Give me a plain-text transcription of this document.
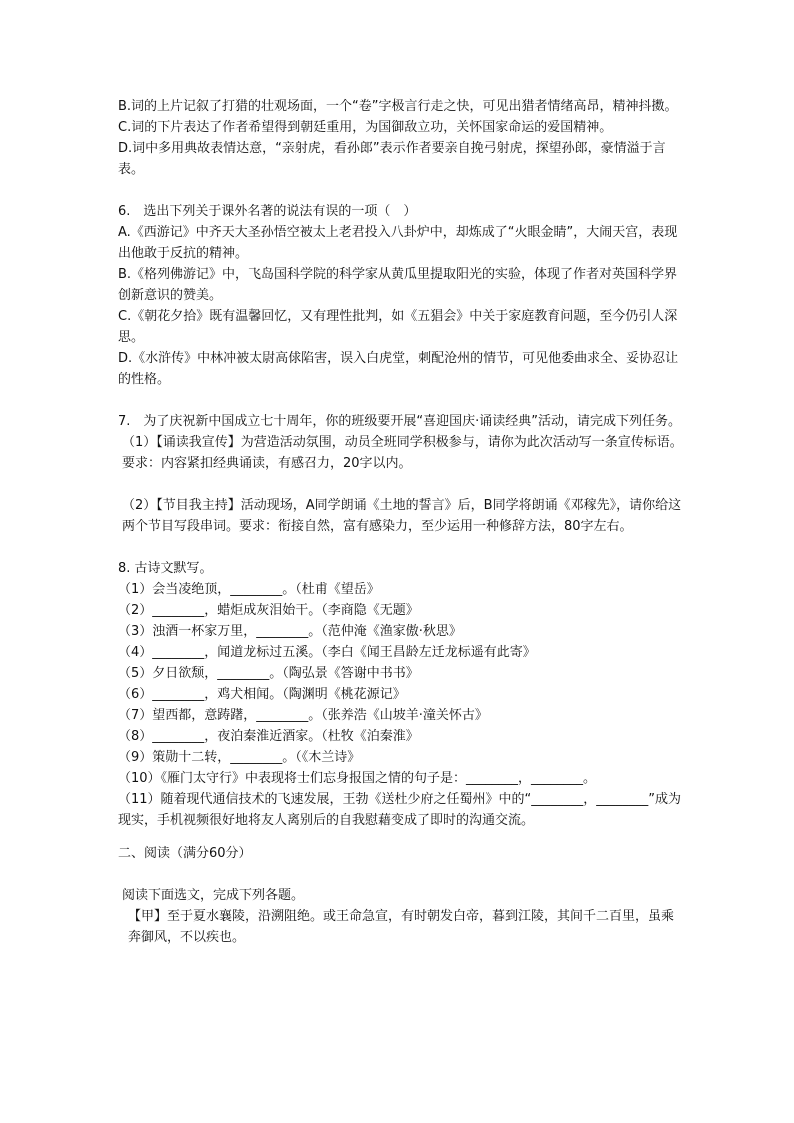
B.词的上片记叙了打猎的壮观场面，一个“卷”字极言行走之快，可见出猎者情绪高昂，精神抖擞。

C.词的下片表达了作者希望得到朝廷重用，为国御敌立功，关怀国家命运的爱国精神。

D.词中多用典故表情达意，“亲射虎，看孙郎”表示作者要亲自挽弓射虎，探望孙郎，豪情溢于言表。

6.　选出下列关于课外名著的说法有误的一项（　）

A.《西游记》中齐天大圣孙悟空被太上老君投入八卦炉中，却炼成了“火眼金睛”，大闹天宫，表现出他敢于反抗的精神。

B.《格列佛游记》中，飞岛国科学院的科学家从黄瓜里提取阳光的实验，体现了作者对英国科学界创新意识的赞美。

C.《朝花夕拾》既有温馨回忆，又有理性批判，如《五猖会》中关于家庭教育问题，至今仍引人深思。

D.《水浒传》中林冲被太尉高俅陷害，误入白虎堂，刺配沧州的情节，可见他委曲求全、妥协忍让的性格。

7.　为了庆祝新中国成立七十周年，你的班级要开展“喜迎国庆·诵读经典”活动，请完成下列任务。

（1）【诵读我宣传】为营造活动氛围，动员全班同学积极参与，请你为此次活动写一条宣传标语。要求：内容紧扣经典诵读，有感召力，20字以内。

（2）【节目我主持】活动现场，A同学朗诵《土地的誓言》后，B同学将朗诵《邓稼先》，请你给这两个节目写段串词。要求：衔接自然，富有感染力，至少运用一种修辞方法，80字左右。

8. 古诗文默写。

（1）会当凌绝顶，________。（杜甫《望岳》

（2）________，蜡炬成灰泪始干。（李商隐《无题》

（3）浊酒一杯家万里，________。（范仲淹《渔家傲·秋思》

（4）________，闻道龙标过五溪。（李白《闻王昌龄左迁龙标遥有此寄》

（5）夕日欲颓，________。（陶弘景《答谢中书书》

（6）________，鸡犬相闻。（陶渊明《桃花源记》

（7）望西都，意踌躇，________。（张养浩《山坡羊·潼关怀古》

（8）________，夜泊秦淮近酒家。（杜牧《泊秦淮》

（9）策勋十二转，________。（《木兰诗》

（10）《雁门太守行》中表现将士们忘身报国之情的句子是：________，________。

（11）随着现代通信技术的飞速发展，王勃《送杜少府之任蜀州》中的“________，________”成为现实，手机视频很好地将友人离别后的自我慰藉变成了即时的沟通交流。

二、阅读（满分60分）

阅读下面选文，完成下列各题。

【甲】至于夏水襄陵，沿溯阻绝。或王命急宣，有时朝发白帝，暮到江陵，其间千二百里，虽乘奔御风，不以疾也。
